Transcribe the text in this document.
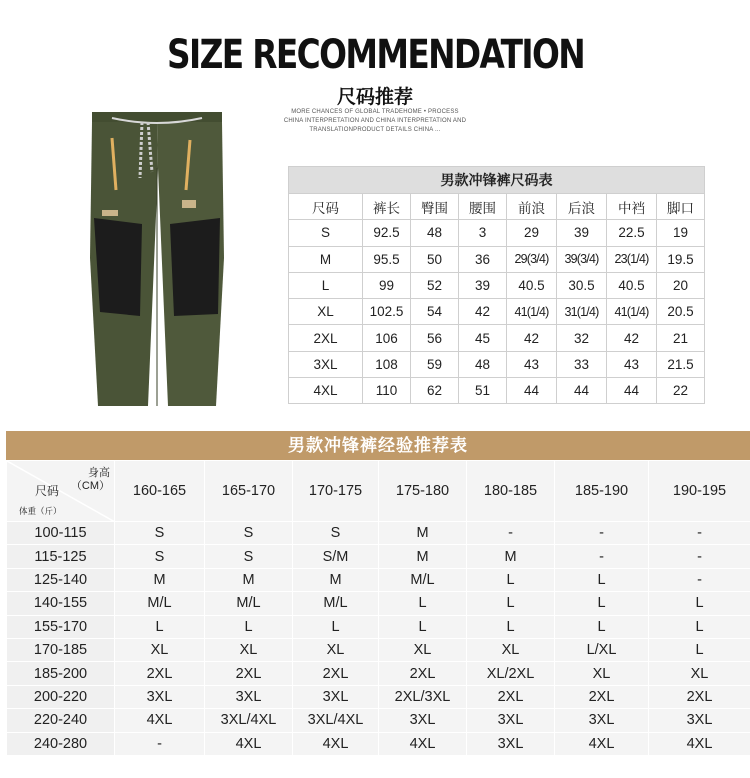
SIZE RECOMMENDATION
尺码推荐
MORE CHANCES OF GLOBAL TRADEHOME • PROCESS
CHINA INTERPRETATION AND CHINA INTERPRETATION AND
TRANSLATIONPRODUCT DETAILS CHINA ...
男款冲锋裤尺码表							
尺码	裤长	臀围	腰围	前浪	后浪	中裆	脚口
S	92.5	48	3	29	39	22.5	19
M	95.5	50	36	29(3/4)	39(3/4)	23(1/4)	19.5
L	99	52	39	40.5	30.5	40.5	20
XL	102.5	54	42	41(1/4)	31(1/4)	41(1/4)	20.5
2XL	106	56	45	42	32	42	21
3XL	108	59	48	43	33	43	21.5
4XL	110	62	51	44	44	44	22
男款冲锋裤经验推荐表
身高
（CM）
尺码
体重（斤）	160-165	165-170	170-175	175-180	180-185	185-190	190-195
100-115	S	S	S	M	-	-	-
115-125	S	S	S/M	M	M	-	-
125-140	M	M	M	M/L	L	L	-
140-155	M/L	M/L	M/L	L	L	L	L
155-170	L	L	L	L	L	L	L
170-185	XL	XL	XL	XL	XL	L/XL	L
185-200	2XL	2XL	2XL	2XL	XL/2XL	XL	XL
200-220	3XL	3XL	3XL	2XL/3XL	2XL	2XL	2XL
220-240	4XL	3XL/4XL	3XL/4XL	3XL	3XL	3XL	3XL
240-280	-	4XL	4XL	4XL	3XL	4XL	4XL
